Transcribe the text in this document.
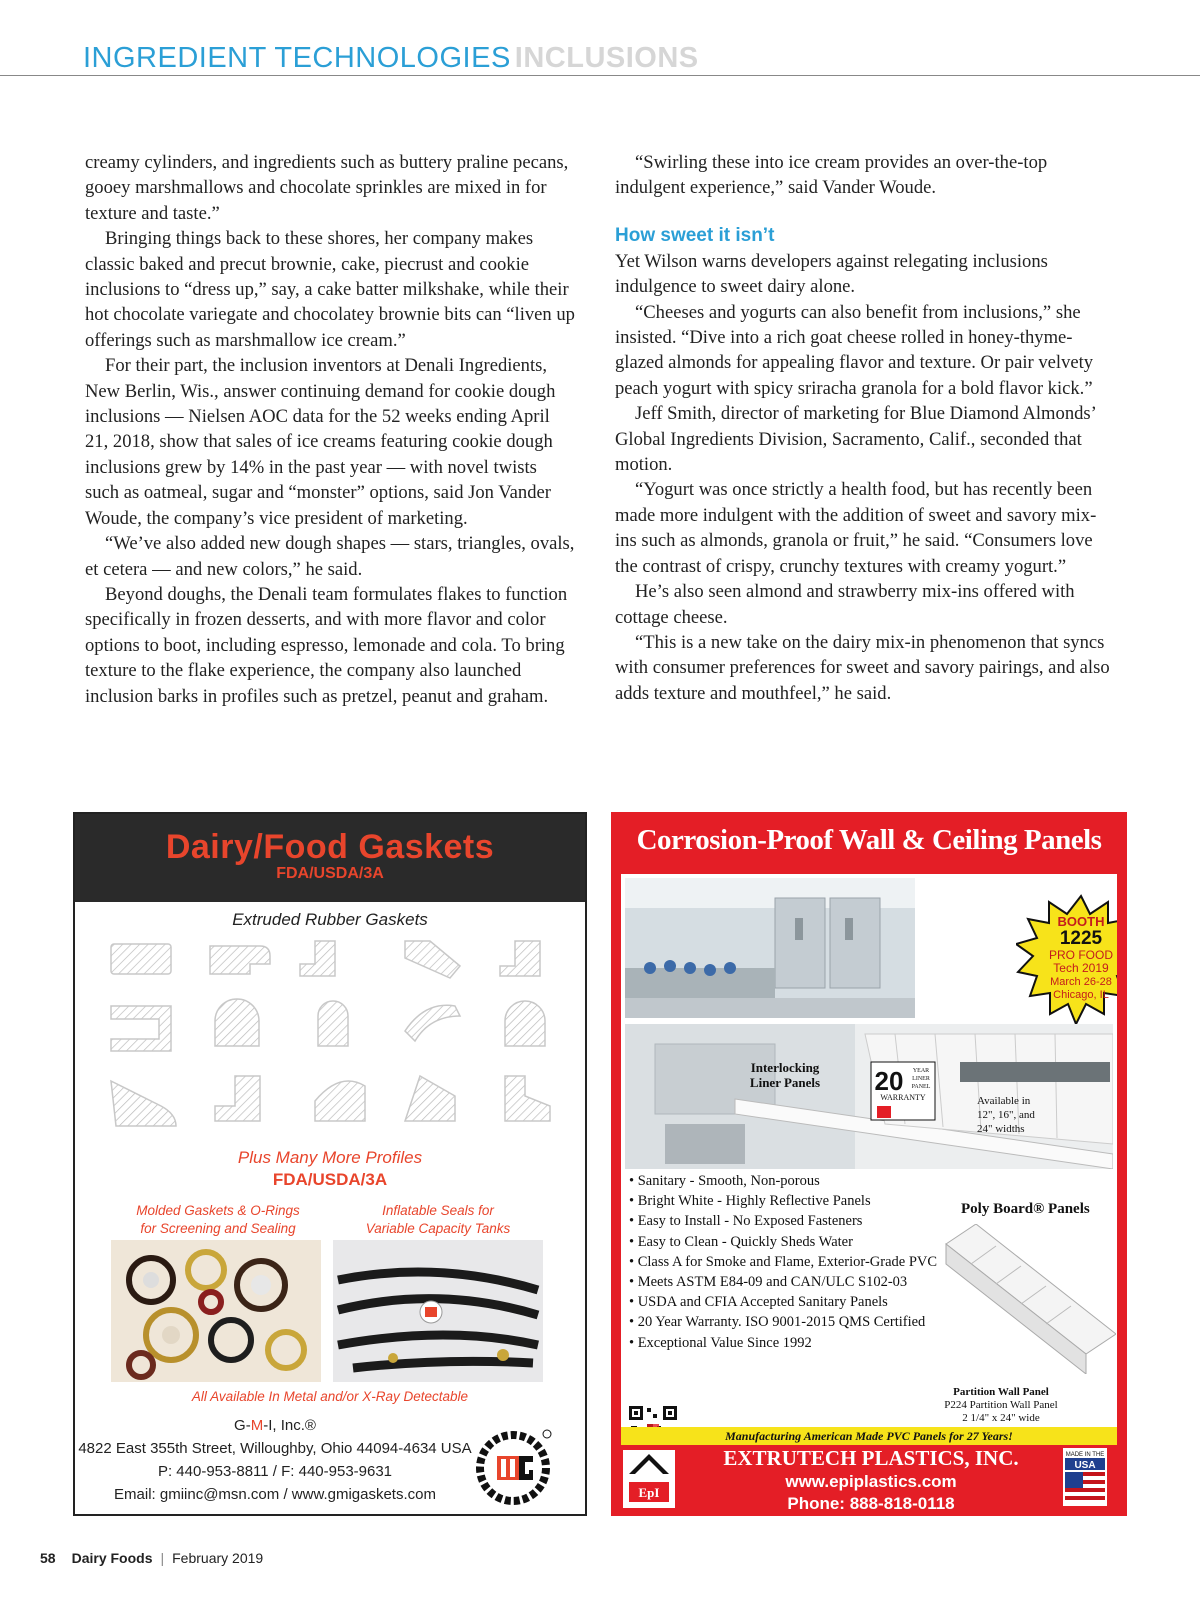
INGREDIENT TECHNOLOGIES INCLUSIONS

creamy cylinders, and ingredients such as buttery praline pecans, gooey marshmallows and chocolate sprinkles are mixed in for texture and taste.”

Bringing things back to these shores, her company makes classic baked and precut brownie, cake, piecrust and cookie inclusions to “dress up,” say, a cake batter milkshake, while their hot chocolate variegate and chocolatey brownie bits can “liven up offerings such as marshmallow ice cream.”

For their part, the inclusion inventors at Denali Ingredients, New Berlin, Wis., answer continuing demand for cookie dough inclusions — Nielsen AOC data for the 52 weeks ending April 21, 2018, show that sales of ice creams featuring cookie dough inclusions grew by 14% in the past year — with novel twists such as oatmeal, sugar and “monster” options, said Jon Vander Woude, the company’s vice president of marketing.

“We’ve also added new dough shapes — stars, triangles, ovals, et cetera — and new colors,” he said.

Beyond doughs, the Denali team formulates flakes to function specifically in frozen desserts, and with more flavor and color options to boot, including espresso, lemonade and cola. To bring texture to the flake experience, the company also launched inclusion barks in profiles such as pretzel, peanut and graham.

“Swirling these into ice cream provides an over-the-top indulgent experience,” said Vander Woude.

How sweet it isn’t

Yet Wilson warns developers against relegating inclusions indulgence to sweet dairy alone.

“Cheeses and yogurts can also benefit from inclusions,” she insisted. “Dive into a rich goat cheese rolled in honey-thyme-glazed almonds for appealing flavor and texture. Or pair velvety peach yogurt with spicy sriracha granola for a bold flavor kick.”

Jeff Smith, director of marketing for Blue Diamond Almonds’ Global Ingredients Division, Sacramento, Calif., seconded that motion.

“Yogurt was once strictly a health food, but has recently been made more indulgent with the addition of sweet and savory mix-ins such as almonds, granola or fruit,” he said. “Consumers love the contrast of crispy, crunchy textures with creamy yogurt.”

He’s also seen almond and strawberry mix-ins offered with cottage cheese.

“This is a new take on the dairy mix-in phenomenon that syncs with consumer preferences for sweet and savory pairings, and also adds texture and mouthfeel,” he said.

Dairy/Food Gaskets
FDA/USDA/3A
Extruded Rubber Gaskets
Plus Many More Profiles
FDA/USDA/3A
Molded Gaskets & O-Rings
for Screening and Sealing
Inflatable Seals for
Variable Capacity Tanks
All Available In Metal and/or X-Ray Detectable
G-M-I, Inc.®
4822 East 355th Street, Willoughby, Ohio 44094-4634 USA
P: 440-953-8811 / F: 440-953-9631
Email: gmiinc@msn.com / www.gmigaskets.com
Corrosion-Proof Wall & Ceiling Panels
BOOTH
1225
PRO FOOD
Tech 2019
March 26-28
Chicago, IL
Interlocking
Liner Panels 20 YEAR
LINER
PANEL
WARRANTY	Available in
12", 16", and
24" widths
Poly Board® Panels
• Sanitary - Smooth, Non-porous
• Bright White - Highly Reflective Panels
• Easy to Install - No Exposed Fasteners
• Easy to Clean - Quickly Sheds Water
• Class A for Smoke and Flame, Exterior-Grade PVC
• Meets ASTM E84-09 and CAN/ULC S102-03
• USDA and CFIA Accepted Sanitary Panels
• 20 Year Warranty. ISO 9001-2015 QMS Certified
• Exceptional Value Since 1992
Partition Wall Panel
P224 Partition Wall Panel
2 1/4" x 24" wide
Manufacturing American Made PVC Panels for 27 Years!
EpI
EXTRUTECH PLASTICS, INC.
www.epiplastics.com
Phone: 888-818-0118
MADE IN THE
USA
58 Dairy Foods | February 2019
